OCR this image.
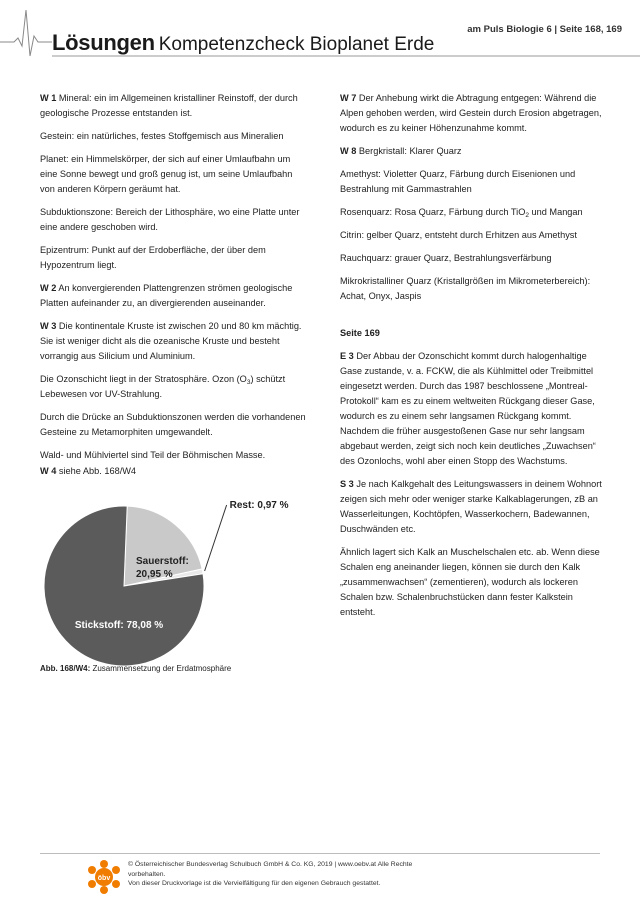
Lösungen Kompetenzcheck Bioplanet Erde
am Puls Biologie 6 | Seite 168, 169

W 1 Mineral: ein im Allgemeinen kristalliner Reinstoff, der durch geologische Prozesse entstanden ist.

Gestein: ein natürliches, festes Stoffgemisch aus Mineralien

Planet: ein Himmelskörper, der sich auf einer Umlaufbahn um eine Sonne bewegt und groß genug ist, um seine Umlaufbahn von anderen Körpern geräumt hat.

Subduktionszone: Bereich der Lithosphäre, wo eine Platte unter eine andere geschoben wird.

Epizentrum: Punkt auf der Erdoberfläche, der über dem Hypozentrum liegt.

W 2 An konvergierenden Plattengrenzen strömen geologische Platten aufeinander zu, an divergierenden auseinander.

W 3 Die kontinentale Kruste ist zwischen 20 und 80 km mächtig. Sie ist weniger dicht als die ozeanische Kruste und besteht vorrangig aus Silicium und Aluminium.

Die Ozonschicht liegt in der Stratosphäre. Ozon $(O_3)$ schützt Lebewesen vor UV-Strahlung.

Durch die Drücke an Subduktionszonen werden die vorhandenen Gesteine zu Metamorphiten umgewandelt.

Wald- und Mühlviertel sind Teil der Böhmischen Masse.

W 4 siehe Abb. 168/W4
Stickstoff: 78,08 %
Sauerstoff:
20,95 %
Rest: 0,97 %
Abb. 168/W4: Zusammensetzung der Erdatmosphäre

W 7 Der Anhebung wirkt die Abtragung entgegen: Während die Alpen gehoben werden, wird Gestein durch Erosion abgetragen, wodurch es zu keiner Höhenzunahme kommt.

W 8 Bergkristall: Klarer Quarz

Amethyst: Violetter Quarz, Färbung durch Eisenionen und Bestrahlung mit Gammastrahlen

Rosenquarz: Rosa Quarz, Färbung durch TiO$_2$ und Mangan

Citrin: gelber Quarz, entsteht durch Erhitzen aus Amethyst

Rauchquarz: grauer Quarz, Bestrahlungsverfärbung

Mikrokristalliner Quarz (Kristallgrößen im Mikrometerbereich): Achat, Onyx, Jaspis

Seite 169

E 3 Der Abbau der Ozonschicht kommt durch halogenhaltige Gase zustande, v. a. FCKW, die als Kühlmittel oder Treibmittel eingesetzt werden. Durch das 1987 beschlossene „Montreal-Protokoll“ kam es zu einem weltweiten Rückgang dieser Gase, wodurch es zu einem sehr langsamen Rückgang kommt. Nachdem die früher ausgestoßenen Gase nur sehr langsam abgebaut werden, zeigt sich noch kein deutliches „Zuwachsen“ des Ozonlochs, wohl aber einen Stopp des Wachstums.

S 3 Je nach Kalkgehalt des Leitungswassers in deinem Wohnort zeigen sich mehr oder weniger starke Kalkablagerungen, zB an Wasserleitungen, Kochtöpfen, Wasserkochern, Badewannen, Duschwänden etc.

Ähnlich lagert sich Kalk an Muschelschalen etc. ab. Wenn diese Schalen eng aneinander liegen, können sie durch den Kalk „zusammenwachsen“ (zementieren), wodurch als lockeren Schalen bzw. Schalenbruchstücken dann fester Kalkstein entsteht.

öbv
© Österreichischer Bundesverlag Schulbuch GmbH & Co. KG, 2019 | www.oebv.at Alle Rechte vorbehalten.
Von dieser Druckvorlage ist die Vervielfältigung für den eigenen Gebrauch gestattet.
